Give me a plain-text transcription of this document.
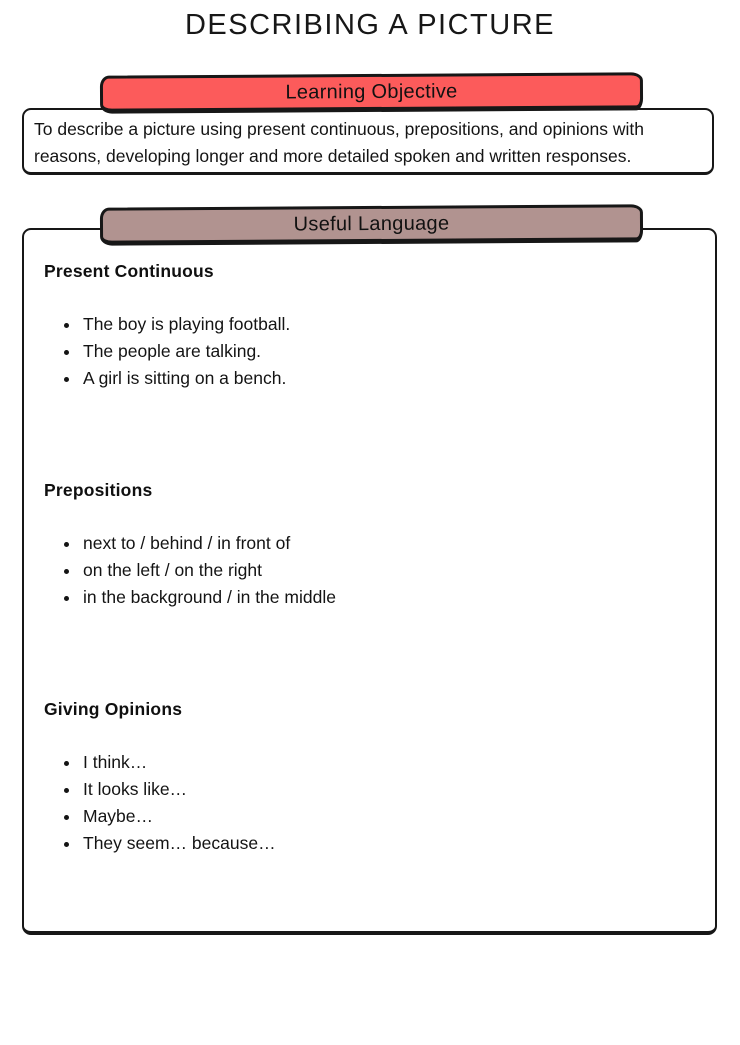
DESCRIBING A PICTURE
Learning Objective

To describe a picture using present continuous, prepositions, and opinions with

reasons, developing longer and more detailed spoken and written responses.

Useful Language
Present Continuous
• The boy is playing football.
• The people are talking.
• A girl is sitting on a bench.
Prepositions
• next to / behind / in front of
• on the left / on the right
• in the background / in the middle
Giving Opinions
• I think…
• It looks like…
• Maybe…
• They seem… because…
